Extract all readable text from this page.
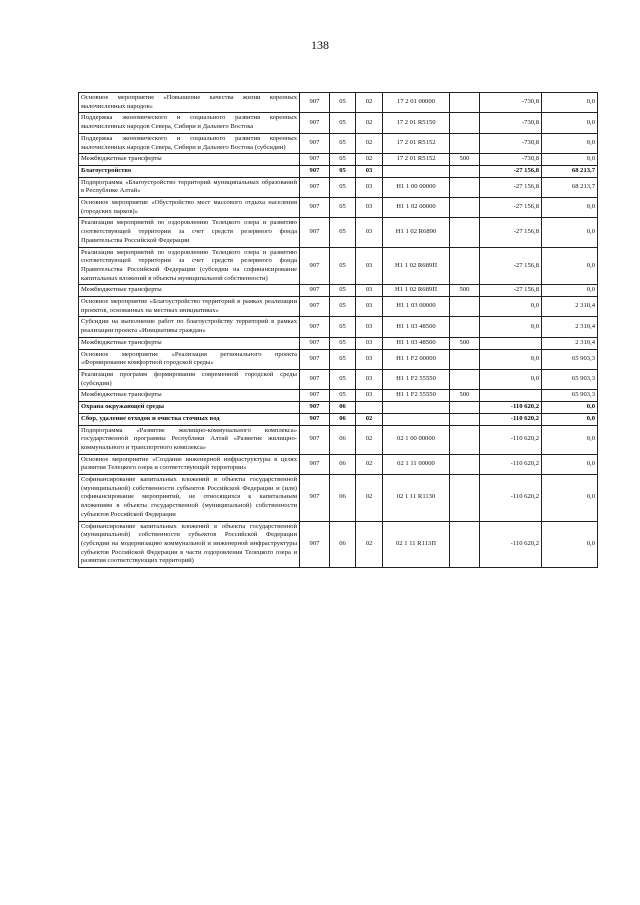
138
Основное мероприятие «Повышение качества жизни коренных малочисленных народов»	907	05	02	17 2 01 00000		-730,8	0,0
Поддержка экономического и социального развития коренных малочисленных народов Севера, Сибири и Дальнего Востока	907	05	02	17 2 01 R5150		-730,8	0,0
Поддержка экономического и социального развития коренных малочисленных народов Севера, Сибири и Дальнего Востока (субсидии)	907	05	02	17 2 01 R5152		-730,8	0,0
Межбюджетные трансферты	907	05	02	17 2 01 R5152	500	-730,8	0,0
Благоустройство	907	05	03			-27 156,8	68 213,7
Подпрограмма «Благоустройство территорий муниципальных образований в Республике Алтай»	907	05	03	Н1 1 00 00000		-27 156,8	68 213,7
Основное мероприятие «Обустройство мест массового отдыха населения (городских парков)»	907	05	03	Н1 1 02 00000		-27 156,8	0,0
Реализация мероприятий по оздоровлению Телецкого озера и развитию соответствующей территории за счет средств резервного фонда Правительства Российской Федерации	907	05	03	Н1 1 02 R6890		-27 156,8	0,0
Реализация мероприятий по оздоровлению Телецкого озера и развитию соответствующей территории за счет средств резервного фонда Правительства Российской Федерации (субсидии на софинансирование капитальных вложений в объекты муниципальной собственности)	907	05	03	Н1 1 02 R689П		-27 156,8	0,0
Межбюджетные трансферты	907	05	03	Н1 1 02 R689П	500	-27 156,8	0,0
Основное мероприятие «Благоустройство территорий в рамках реализации проектов, основанных на местных инициативах»	907	05	03	Н1 1 03 00000		0,0	2 310,4
Субсидии на выполнение работ по благоустройству территорий в рамках реализации проекта «Инициативы граждан»	907	05	03	Н1 1 03 48500		0,0	2 310,4
Межбюджетные трансферты	907	05	03	Н1 1 03 48500	500		2 310,4
Основное мероприятие «Реализация регионального проекта «Формирование комфортной городской среды»	907	05	03	Н1 1 F2 00000		0,0	65 903,3
Реализация программ формирования современной городской среды (субсидии)	907	05	03	Н1 1 F2 55550		0,0	65 903,3
Межбюджетные трансферты	907	05	03	Н1 1 F2 55550	500		65 903,3
Охрана окружающей среды	907	06				-110 620,2	0,0
Сбор, удаление отходов и очистка сточных вод	907	06	02			-110 620,2	0,0
Подпрограмма «Развитие жилищно-коммунального комплекса» государственной программы Республики Алтай «Развитие жилищно-коммунального и транспортного комплекса»	907	06	02	02 1 00 00000		-110 620,2	0,0
Основное мероприятие «Создание инженерной инфраструктуры в целях развития Телецкого озера и соответствующей территории»	907	06	02	02 1 11 00000		-110 620,2	0,0
Софинансирование капитальных вложений в объекты государственной (муниципальной) собственности субъектов Российской Федерации и (или) софинансирование мероприятий, не относящихся к капитальным вложениям в объекты государственной (муниципальной) собственности субъектов Российской Федерации	907	06	02	02 1 11 R1130		-110 620,2	0,0
Софинансирование капитальных вложений в объекты государственной (муниципальной) собственности субъектов Российской Федерации (субсидии на модернизацию коммунальной и инженерной инфраструктуры субъектов Российской Федерации в части оздоровления Телецкого озера и развития соответствующих территорий)	907	06	02	02 1 11 R113П		-110 620,2	0,0
